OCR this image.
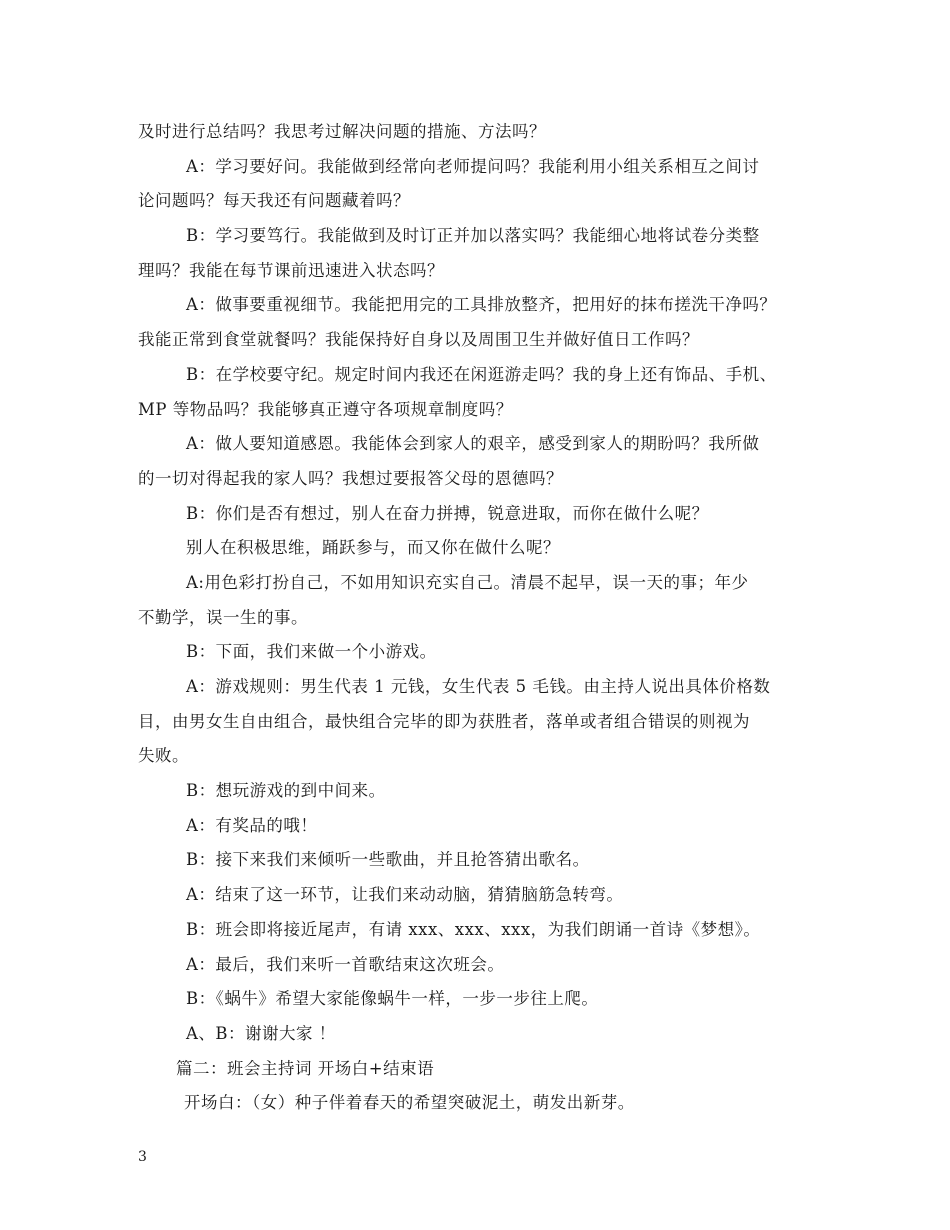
及时进行总结吗？我思考过解决问题的措施、方法吗？
A：学习要好问。我能做到经常向老师提问吗？我能利用小组关系相互之间讨
论问题吗？每天我还有问题藏着吗？
B：学习要笃行。我能做到及时订正并加以落实吗？我能细心地将试卷分类整
理吗？我能在每节课前迅速进入状态吗？
A：做事要重视细节。我能把用完的工具排放整齐，把用好的抹布搓洗干净吗？
我能正常到食堂就餐吗？我能保持好自身以及周围卫生并做好值日工作吗？
B：在学校要守纪。规定时间内我还在闲逛游走吗？我的身上还有饰品、手机、
MP 等物品吗？我能够真正遵守各项规章制度吗？
A：做人要知道感恩。我能体会到家人的艰辛，感受到家人的期盼吗？我所做
的一切对得起我的家人吗？我想过要报答父母的恩德吗？
B：你们是否有想过，别人在奋力拼搏，锐意进取，而你在做什么呢？
别人在积极思维，踊跃参与，而又你在做什么呢？
A:用色彩打扮自己，不如用知识充实自己。清晨不起早，误一天的事；年少
不勤学，误一生的事。
B：下面，我们来做一个小游戏。
A：游戏规则：男生代表 1 元钱，女生代表 5 毛钱。由主持人说出具体价格数
目，由男女生自由组合，最快组合完毕的即为获胜者，落单或者组合错误的则视为
失败。
B：想玩游戏的到中间来。
A：有奖品的哦！
B：接下来我们来倾听一些歌曲，并且抢答猜出歌名。
A：结束了这一环节，让我们来动动脑，猜猜脑筋急转弯。
B：班会即将接近尾声，有请 xxx、xxx、xxx，为我们朗诵一首诗《梦想》。
A：最后，我们来听一首歌结束这次班会。
B：《蜗牛》希望大家能像蜗牛一样，一步一步往上爬。
A、B：谢谢大家 ！
篇二：班会主持词 开场白+结束语
开场白：（女）种子伴着春天的希望突破泥土，萌发出新芽。
3
